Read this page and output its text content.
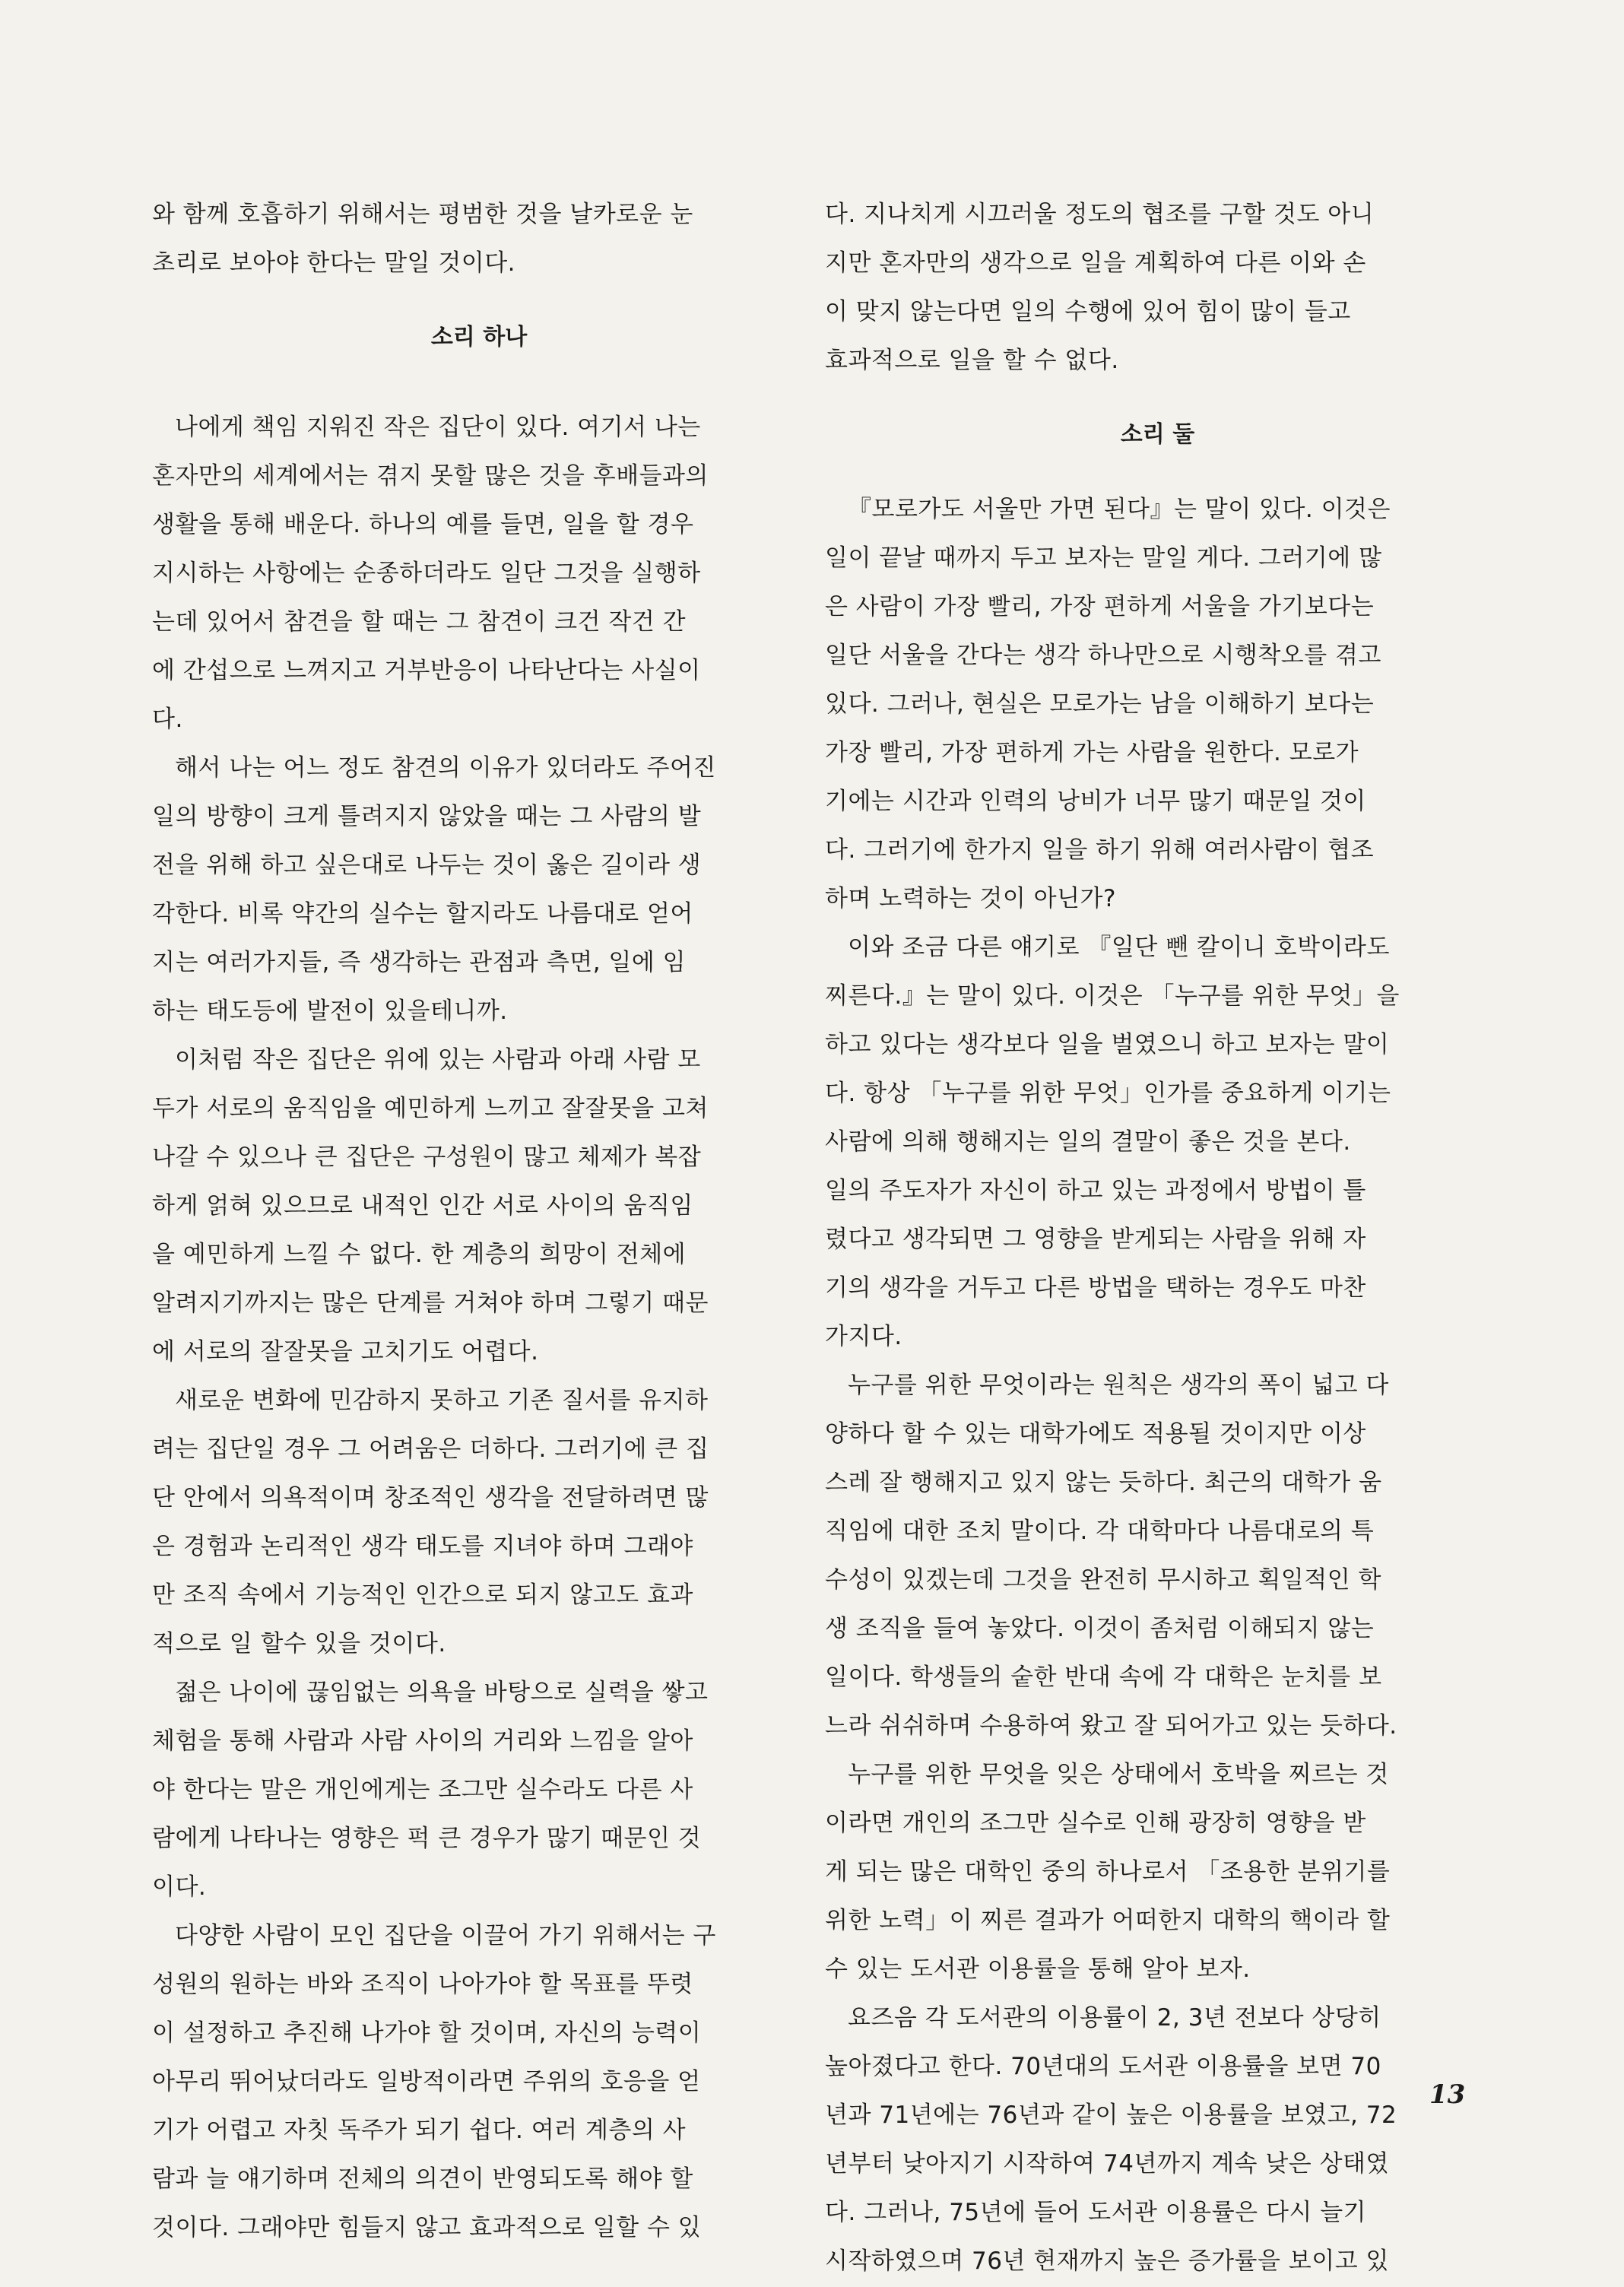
와 함께 호흡하기 위해서는 평범한 것을 날카로운 눈
초리로 보아야 한다는 말일 것이다.
소리 하나
나에게 책임 지워진 작은 집단이 있다. 여기서 나는
혼자만의 세계에서는 겪지 못할 많은 것을 후배들과의
생활을 통해 배운다. 하나의 예를 들면, 일을 할 경우
지시하는 사항에는 순종하더라도 일단 그것을 실행하
는데 있어서 참견을 할 때는 그 참견이 크건 작건 간
에 간섭으로 느껴지고 거부반응이 나타난다는 사실이
다.
해서 나는 어느 정도 참견의 이유가 있더라도 주어진
일의 방향이 크게 틀려지지 않았을 때는 그 사람의 발
전을 위해 하고 싶은대로 나두는 것이 옳은 길이라 생
각한다. 비록 약간의 실수는 할지라도 나름대로 얻어
지는 여러가지들, 즉 생각하는 관점과 측면, 일에 임
하는 태도등에 발전이 있을테니까.
이처럼 작은 집단은 위에 있는 사람과 아래 사람 모
두가 서로의 움직임을 예민하게 느끼고 잘잘못을 고쳐
나갈 수 있으나 큰 집단은 구성원이 많고 체제가 복잡
하게 얽혀 있으므로 내적인 인간 서로 사이의 움직임
을 예민하게 느낄 수 없다. 한 계층의 희망이 전체에
알려지기까지는 많은 단계를 거쳐야 하며 그렇기 때문
에 서로의 잘잘못을 고치기도 어렵다.
새로운 변화에 민감하지 못하고 기존 질서를 유지하
려는 집단일 경우 그 어려움은 더하다. 그러기에 큰 집
단 안에서 의욕적이며 창조적인 생각을 전달하려면 많
은 경험과 논리적인 생각 태도를 지녀야 하며 그래야
만 조직 속에서 기능적인 인간으로 되지 않고도 효과
적으로 일 할수 있을 것이다.
젊은 나이에 끊임없는 의욕을 바탕으로 실력을 쌓고
체험을 통해 사람과 사람 사이의 거리와 느낌을 알아
야 한다는 말은 개인에게는 조그만 실수라도 다른 사
람에게 나타나는 영향은 퍽 큰 경우가 많기 때문인 것
이다.
다양한 사람이 모인 집단을 이끌어 가기 위해서는 구
성원의 원하는 바와 조직이 나아가야 할 목표를 뚜렷
이 설정하고 추진해 나가야 할 것이며, 자신의 능력이
아무리 뛰어났더라도 일방적이라면 주위의 호응을 얻
기가 어렵고 자칫 독주가 되기 쉽다. 여러 계층의 사
람과 늘 얘기하며 전체의 의견이 반영되도록 해야 할
것이다. 그래야만 힘들지 않고 효과적으로 일할 수 있
다. 지나치게 시끄러울 정도의 협조를 구할 것도 아니
지만 혼자만의 생각으로 일을 계획하여 다른 이와 손
이 맞지 않는다면 일의 수행에 있어 힘이 많이 들고
효과적으로 일을 할 수 없다.
소리 둘
『모로가도 서울만 가면 된다』는 말이 있다. 이것은
일이 끝날 때까지 두고 보자는 말일 게다. 그러기에 많
은 사람이 가장 빨리, 가장 편하게 서울을 가기보다는
일단 서울을 간다는 생각 하나만으로 시행착오를 겪고
있다. 그러나, 현실은 모로가는 남을 이해하기 보다는
가장 빨리, 가장 편하게 가는 사람을 원한다. 모로가
기에는 시간과 인력의 낭비가 너무 많기 때문일 것이
다. 그러기에 한가지 일을 하기 위해 여러사람이 협조
하며 노력하는 것이 아닌가?
이와 조금 다른 얘기로 『일단 뺀 칼이니 호박이라도
찌른다.』는 말이 있다. 이것은 「누구를 위한 무엇」을
하고 있다는 생각보다 일을 벌였으니 하고 보자는 말이
다. 항상 「누구를 위한 무엇」인가를 중요하게 이기는
사람에 의해 행해지는 일의 결말이 좋은 것을 본다.
일의 주도자가 자신이 하고 있는 과정에서 방법이 틀
렸다고 생각되면 그 영향을 받게되는 사람을 위해 자
기의 생각을 거두고 다른 방법을 택하는 경우도 마찬
가지다.
누구를 위한 무엇이라는 원칙은 생각의 폭이 넓고 다
양하다 할 수 있는 대학가에도 적용될 것이지만 이상
스레 잘 행해지고 있지 않는 듯하다. 최근의 대학가 움
직임에 대한 조치 말이다. 각 대학마다 나름대로의 특
수성이 있겠는데 그것을 완전히 무시하고 획일적인 학
생 조직을 들여 놓았다. 이것이 좀처럼 이해되지 않는
일이다. 학생들의 숱한 반대 속에 각 대학은 눈치를 보
느라 쉬쉬하며 수용하여 왔고 잘 되어가고 있는 듯하다.
누구를 위한 무엇을 잊은 상태에서 호박을 찌르는 것
이라면 개인의 조그만 실수로 인해 광장히 영향을 받
게 되는 많은 대학인 중의 하나로서 「조용한 분위기를
위한 노력」이 찌른 결과가 어떠한지 대학의 핵이라 할
수 있는 도서관 이용률을 통해 알아 보자.
요즈음 각 도서관의 이용률이 2, 3년 전보다 상당히
높아졌다고 한다. 70년대의 도서관 이용률을 보면 70
년과 71년에는 76년과 같이 높은 이용률을 보였고, 72
년부터 낮아지기 시작하여 74년까지 계속 낮은 상태였
다. 그러나, 75년에 들어 도서관 이용률은 다시 늘기
시작하였으며 76년 현재까지 높은 증가률을 보이고 있
13
